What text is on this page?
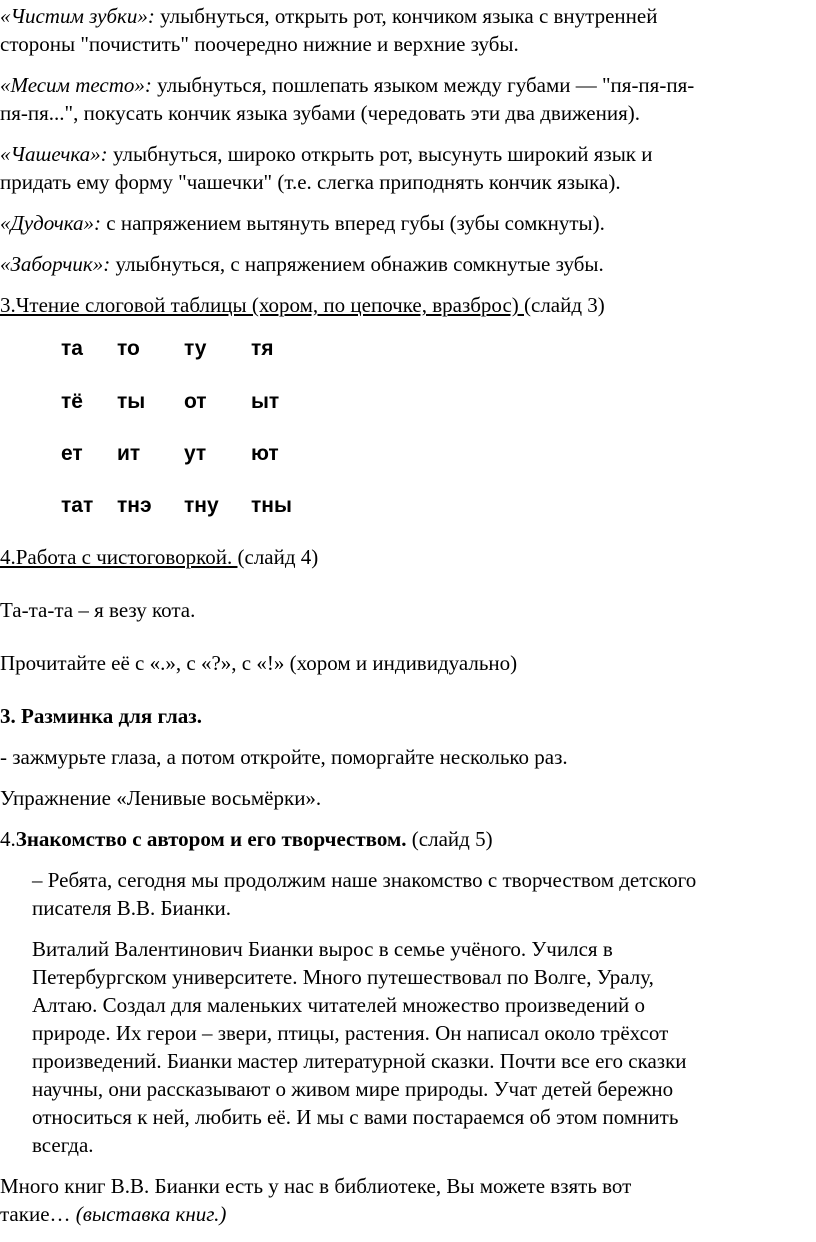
«Чистим зубки»: улыбнуться, открыть рот, кончиком языка с внутренней
стороны "почистить" поочередно нижние и верхние зубы.
«Месим тесто»: улыбнуться, пошлепать языком между губами — "пя-пя-пя-
пя-пя...", покусать кончик языка зубами (чередовать эти два движения).
«Чашечка»: улыбнуться, широко открыть рот, высунуть широкий язык и
придать ему форму "чашечки" (т.е. слегка приподнять кончик языка).
«Дудочка»: с напряжением вытянуть вперед губы (зубы сомкнуты).
«Заборчик»: улыбнуться, с напряжением обнажив сомкнутые зубы.
3.Чтение слоговой таблицы (хором, по цепочке, вразброс) (слайд 3)
та то ту тя
тё ты от ыт
ет ит ут ют
тат тнэ тну тны
4.Работа с чистоговоркой. (слайд 4)
Та-та-та – я везу кота.
Прочитайте её с «.», с «?», с «!» (хором и индивидуально)
3. Разминка для глаз.
- зажмурьте глаза, а потом откройте, поморгайте несколько раз.
Упражнение «Ленивые восьмёрки».
4.Знакомство с автором и его творчеством. (слайд 5)
– Ребята, сегодня мы продолжим наше знакомство с творчеством детского
писателя В.В. Бианки.
Виталий Валентинович Бианки вырос в семье учёного. Учился в
Петербургском университете. Много путешествовал по Волге, Уралу,
Алтаю. Создал для маленьких читателей множество произведений о
природе. Их герои – звери, птицы, растения. Он написал около трёхсот
произведений. Бианки мастер литературной сказки. Почти все его сказки
научны, они рассказывают о живом мире природы. Учат детей бережно
относиться к ней, любить её. И мы с вами постараемся об этом помнить
всегда.
Много книг В.В. Бианки есть у нас в библиотеке, Вы можете взять вот
такие… (выставка книг.)
